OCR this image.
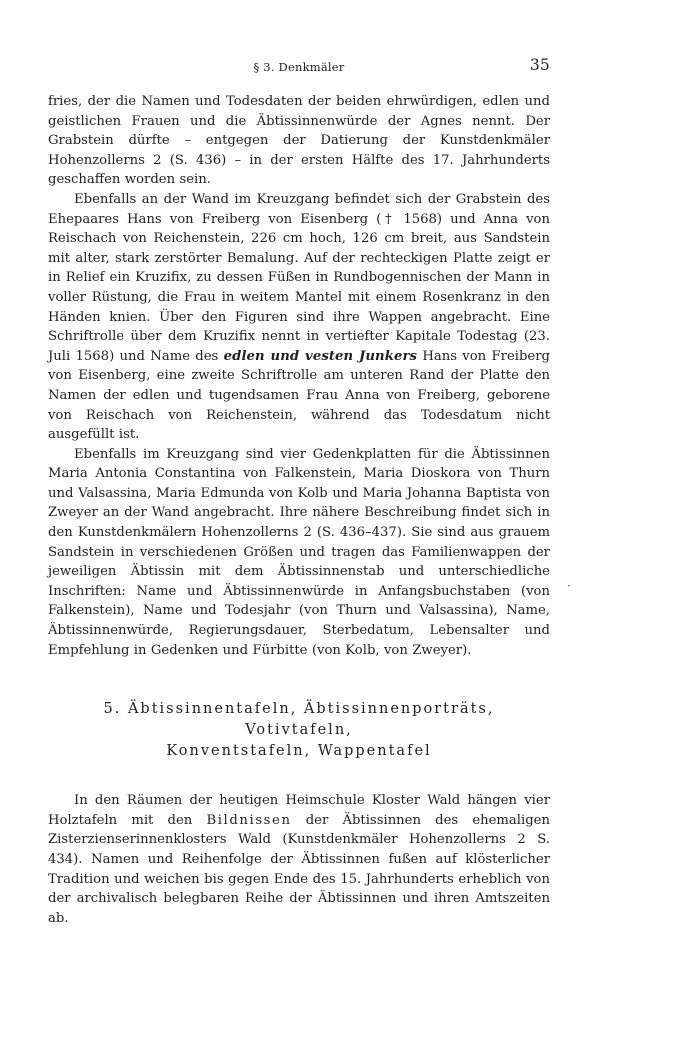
§ 3. Denkmäler	35

fries, der die Namen und Todesdaten der beiden ehrwürdigen, edlen und geistlichen Frauen und die Äbtissinnenwürde der Agnes nennt. Der Grabstein dürfte – entgegen der Datierung der Kunstdenkmäler Hohenzollerns 2 (S. 436) – in der ersten Hälfte des 17. Jahrhunderts geschaffen worden sein.

Ebenfalls an der Wand im Kreuzgang befindet sich der Grabstein des Ehepaares Hans von Freiberg von Eisenberg († 1568) und Anna von Reischach von Reichenstein, 226 cm hoch, 126 cm breit, aus Sandstein mit alter, stark zerstörter Bemalung. Auf der rechteckigen Platte zeigt er in Relief ein Kruzifix, zu dessen Füßen in Rundbogennischen der Mann in voller Rüstung, die Frau in weitem Mantel mit einem Rosenkranz in den Händen knien. Über den Figuren sind ihre Wappen angebracht. Eine Schriftrolle über dem Kruzifix nennt in vertiefter Kapitale Todestag (23. Juli 1568) und Name des edlen und vesten Junkers Hans von Freiberg von Eisenberg, eine zweite Schriftrolle am unteren Rand der Platte den Namen der edlen und tugendsamen Frau Anna von Freiberg, geborene von Reischach von Reichenstein, während das Todesdatum nicht ausgefüllt ist.

Ebenfalls im Kreuzgang sind vier Gedenkplatten für die Äbtissinnen Maria Antonia Constantina von Falkenstein, Maria Dioskora von Thurn und Valsassina, Maria Edmunda von Kolb und Maria Johanna Baptista von Zweyer an der Wand angebracht. Ihre nähere Beschreibung findet sich in den Kunstdenkmälern Hohenzollerns 2 (S. 436–437). Sie sind aus grauem Sandstein in verschiedenen Größen und tragen das Familienwappen der jeweiligen Äbtissin mit dem Äbtissinnenstab und unterschiedliche Inschriften: Name und Äbtissinnenwürde in Anfangsbuchstaben (von Falkenstein), Name und Todesjahr (von Thurn und Valsassina), Name, Äbtissinnenwürde, Regierungsdauer, Sterbedatum, Lebensalter und Empfehlung in Gedenken und Fürbitte (von Kolb, von Zweyer).

5. Äbtissinnentafeln, Äbtissinnenporträts, Votivtafeln,
Konventstafeln, Wappentafel

In den Räumen der heutigen Heimschule Kloster Wald hängen vier Holztafeln mit den Bildnissen der Äbtissinnen des ehemaligen Zisterzienserinnenklosters Wald (Kunstdenkmäler Hohenzollerns 2 S. 434). Namen und Reihenfolge der Äbtissinnen fußen auf klösterlicher Tradition und weichen bis gegen Ende des 15. Jahrhunderts erheblich von der archivalisch belegbaren Reihe der Äbtissinnen und ihren Amtszeiten ab.

·
